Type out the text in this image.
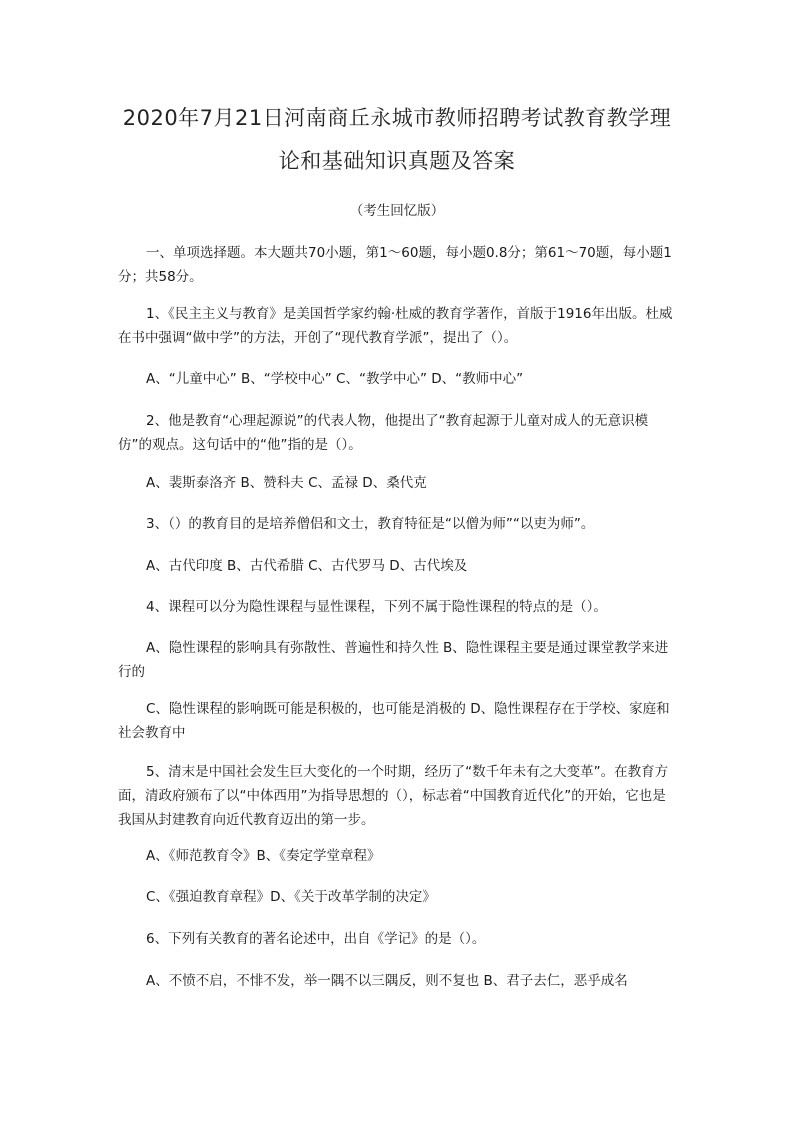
2020年7月21日河南商丘永城市教师招聘考试教育教学理
论和基础知识真题及答案
（考生回忆版）

一、单项选择题。本大题共70小题，第1～60题，每小题0.8分；第61～70题，每小题1分；共58分。

1、《民主主义与教育》是美国哲学家约翰·杜威的教育学著作，首版于1916年出版。杜威在书中强调“做中学”的方法，开创了“现代教育学派”，提出了（）。

A、“儿童中心” B、“学校中心” C、“教学中心” D、“教师中心”

2、他是教育“心理起源说”的代表人物，他提出了“教育起源于儿童对成人的无意识模仿”的观点。这句话中的“他”指的是（）。

A、裴斯泰洛齐 B、赞科夫 C、孟禄 D、桑代克

3、（）的教育目的是培养僧侣和文士，教育特征是“以僧为师”“以吏为师”。

A、古代印度 B、古代希腊 C、古代罗马 D、古代埃及

4、课程可以分为隐性课程与显性课程，下列不属于隐性课程的特点的是（）。

A、隐性课程的影响具有弥散性、普遍性和持久性 B、隐性课程主要是通过课堂教学来进行的

C、隐性课程的影响既可能是积极的，也可能是消极的 D、隐性课程存在于学校、家庭和社会教育中

5、清末是中国社会发生巨大变化的一个时期，经历了“数千年未有之大变革”。在教育方面，清政府颁布了以“中体西用”为指导思想的（），标志着“中国教育近代化”的开始，它也是我国从封建教育向近代教育迈出的第一步。

A、《师范教育令》B、《奏定学堂章程》

C、《强迫教育章程》D、《关于改革学制的决定》

6、下列有关教育的著名论述中，出自《学记》的是（）。

A、不愤不启，不悱不发，举一隅不以三隅反，则不复也 B、君子去仁，恶乎成名
